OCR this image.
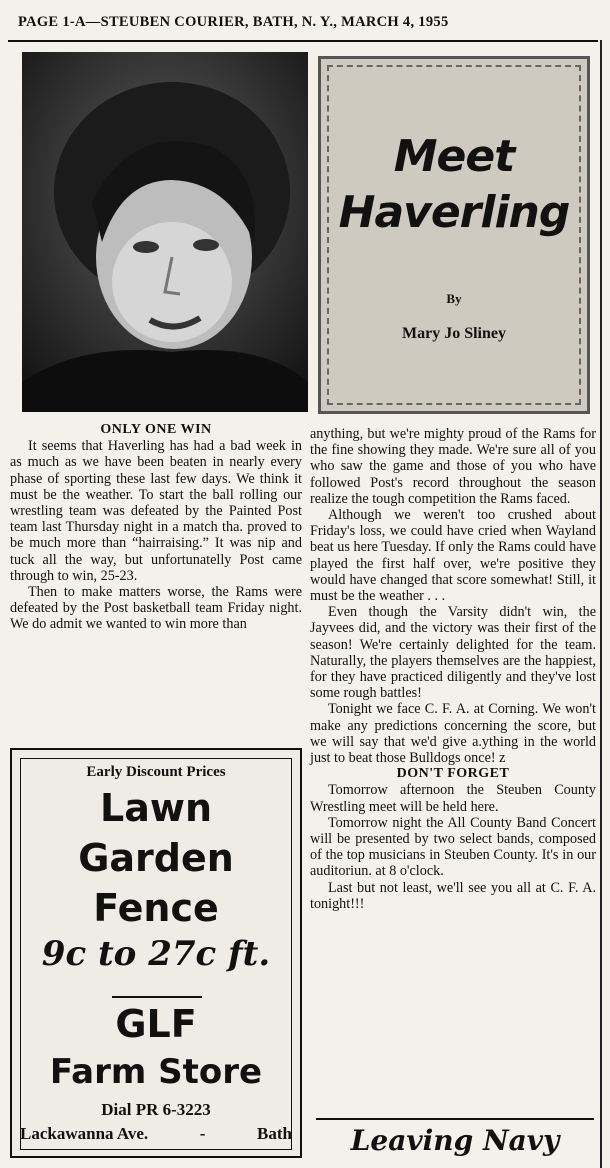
PAGE 1-A—STEUBEN COURIER, BATH, N. Y., MARCH 4, 1955
Meet
Haverling
By
Mary Jo Sliney
ONLY ONE WIN

It seems that Haverling has had a bad week in as much as we have been beaten in nearly every phase of sporting these last few days. We think it must be the weather. To start the ball rolling our wrestling team was defeated by the Painted Post team last Thursday night in a match tha. proved to be much more than “hairraising.” It was nip and tuck all the way, but unfortunatelly Post came through to win, 25-23.

Then to make matters worse, the Rams were defeated by the Post basketball team Friday night. We do admit we wanted to win more than

anything, but we're mighty proud of the Rams for the fine showing they made. We're sure all of you who saw the game and those of you who have followed Post's record throughout the season realize the tough competition the Rams faced.

Although we weren't too crushed about Friday's loss, we could have cried when Wayland beat us here Tuesday. If only the Rams could have played the first half over, we're positive they would have changed that score somewhat! Still, it must be the weather . . .

Even though the Varsity didn't win, the Jayvees did, and the victory was their first of the season! We're certainly delighted for the team. Naturally, the players themselves are the happiest, for they have practiced diligently and they've lost some rough battles!

Tonight we face C. F. A. at Corning. We won't make any predictions concerning the score, but we will say that we'd give a.ything in the world just to beat those Bulldogs once! z

DON'T FORGET

Tomorrow afternoon the Steuben County Wrestling meet will be held here.

Tomorrow night the All County Band Concert will be presented by two select bands, composed of the top musicians in Steuben County. It's in our auditoriun. at 8 o'clock.

Last but not least, we'll see you all at C. F. A. tonight!!!

Early Discount Prices
Lawn
Garden
Fence
9c to 27c ft.
GLF
Farm Store
Dial PR 6-3223
Lackawanna Ave.	-	Bath	Leaving Navy
